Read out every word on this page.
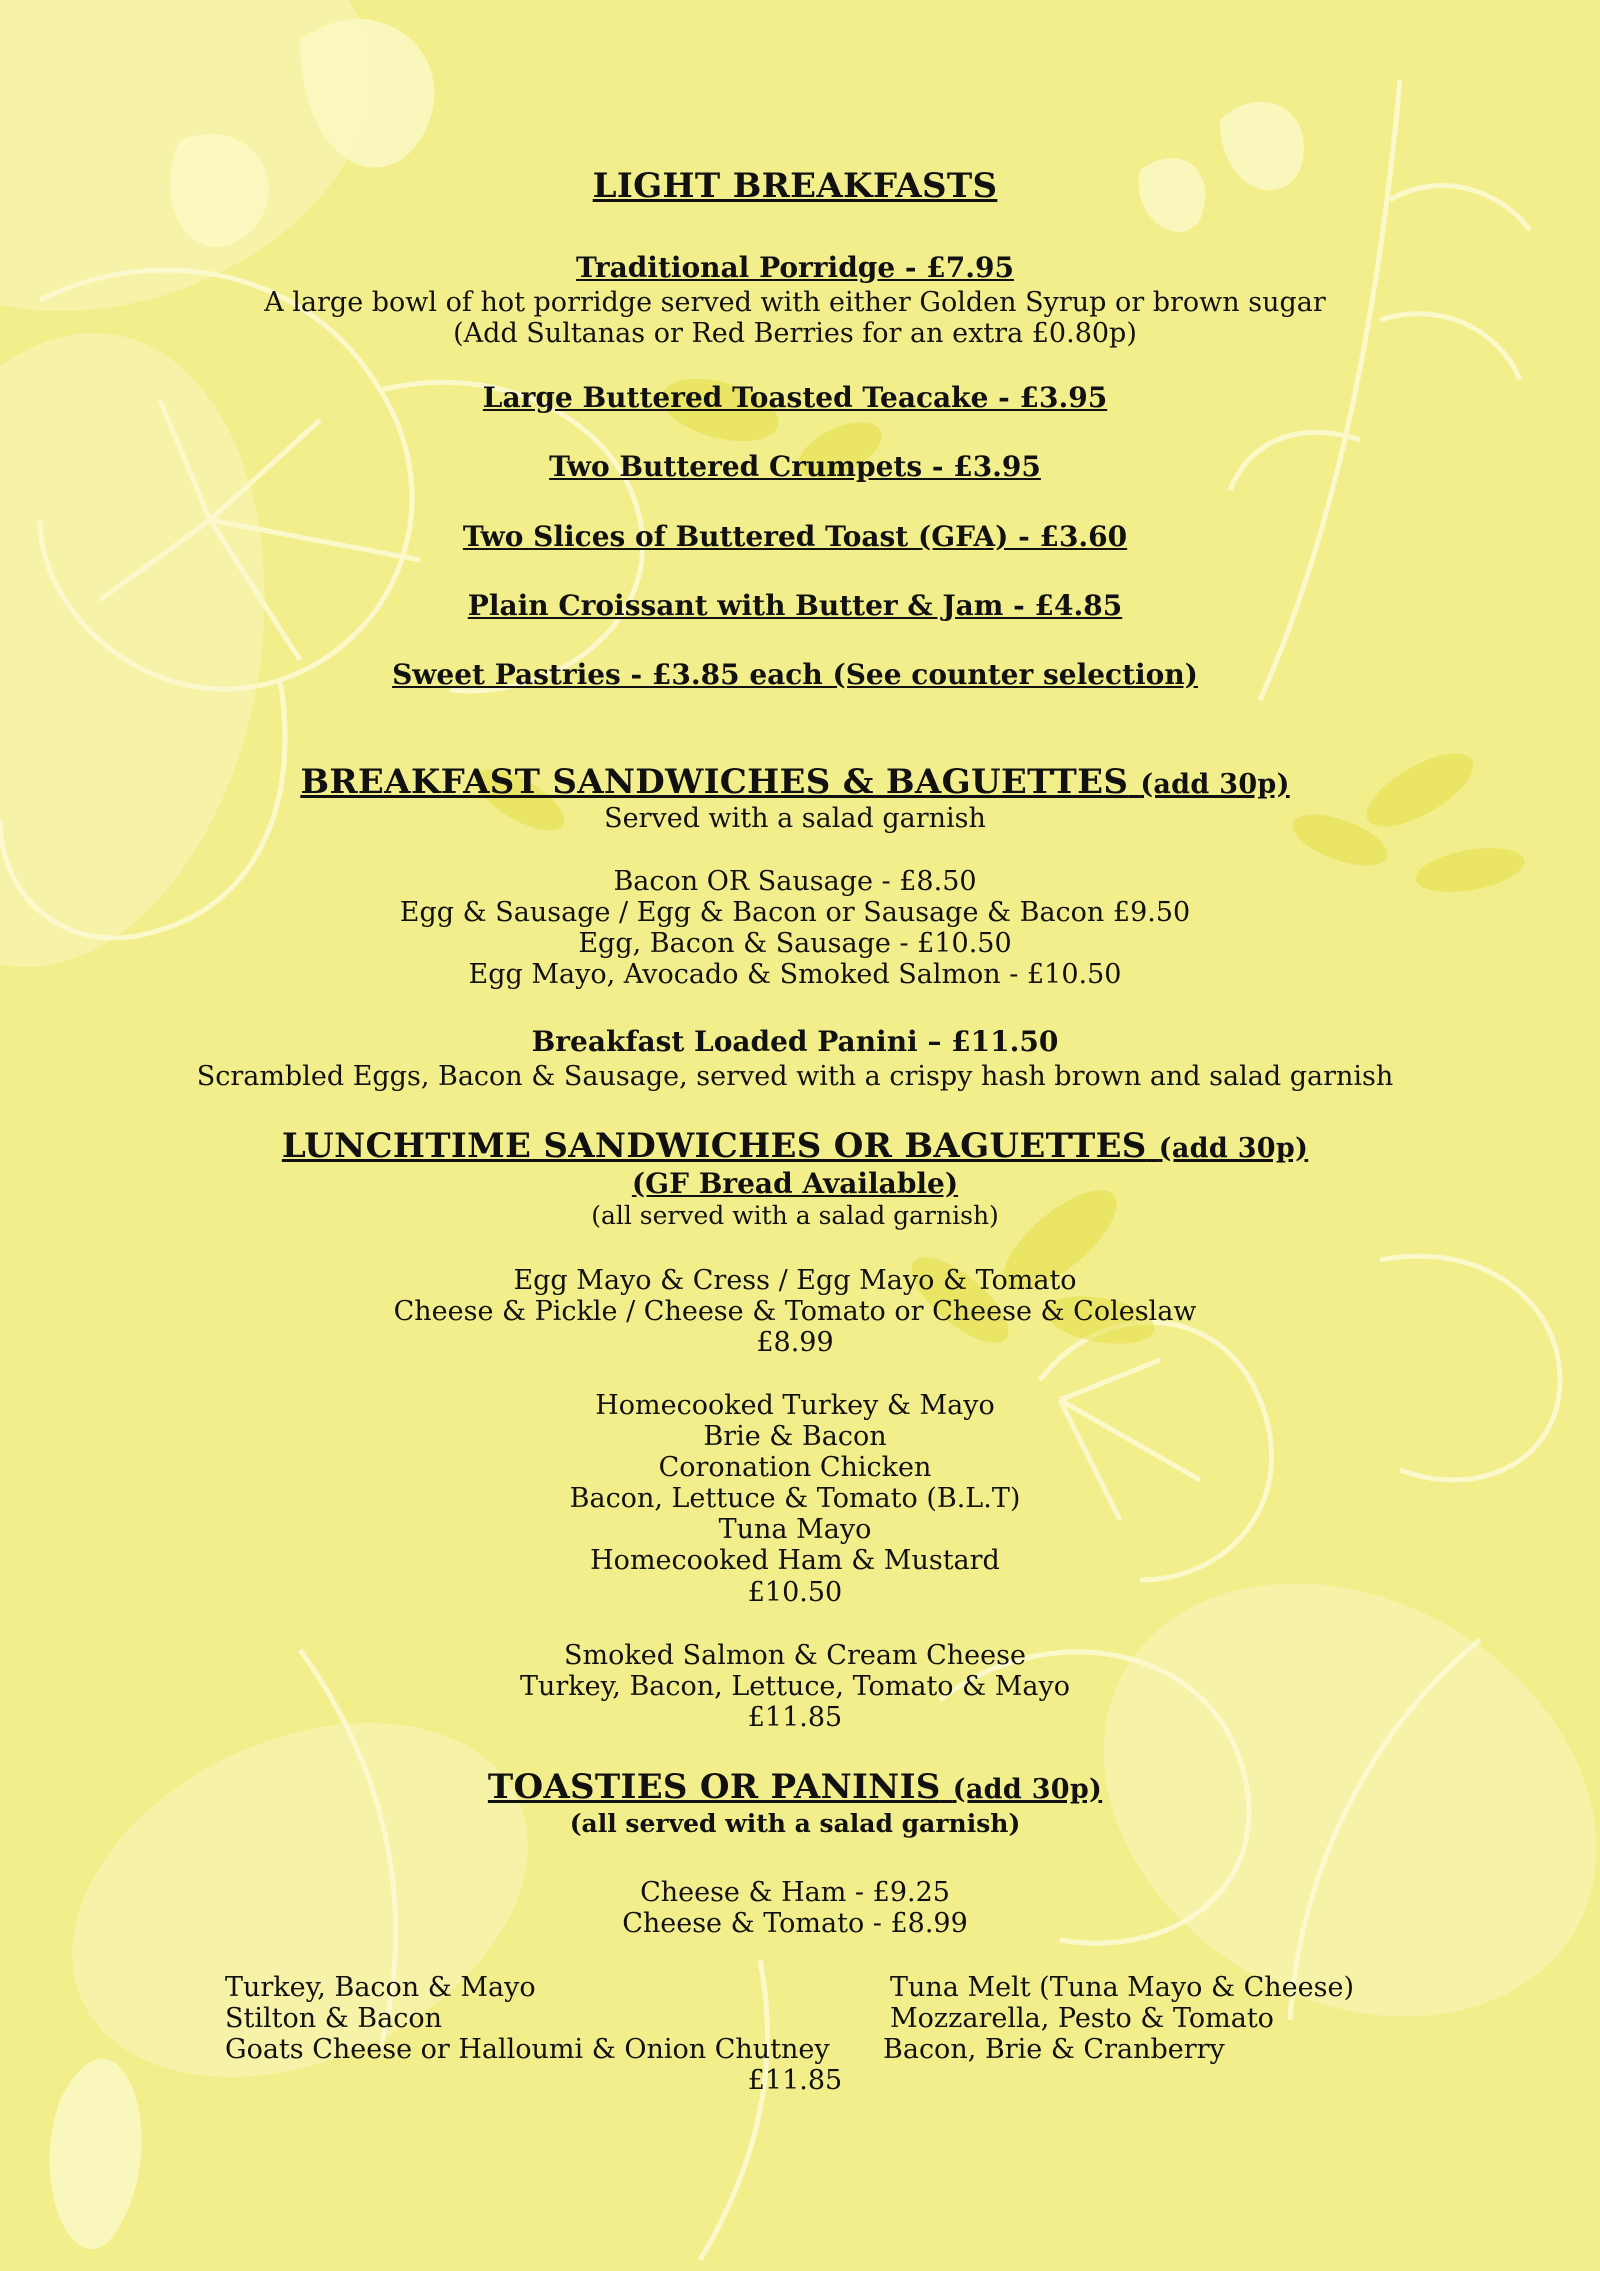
LIGHT BREAKFASTS
Traditional Porridge - £7.95
A large bowl of hot porridge served with either Golden Syrup or brown sugar
(Add Sultanas or Red Berries for an extra £0.80p)
Large Buttered Toasted Teacake - £3.95
Two Buttered Crumpets - £3.95
Two Slices of Buttered Toast (GFA) - £3.60
Plain Croissant with Butter & Jam - £4.85
Sweet Pastries - £3.85 each (See counter selection)
BREAKFAST SANDWICHES & BAGUETTES (add 30p)
Served with a salad garnish
Bacon OR Sausage - £8.50
Egg & Sausage / Egg & Bacon or Sausage & Bacon £9.50
Egg, Bacon & Sausage - £10.50
Egg Mayo, Avocado & Smoked Salmon - £10.50
Breakfast Loaded Panini – £11.50
Scrambled Eggs, Bacon & Sausage, served with a crispy hash brown and salad garnish
LUNCHTIME SANDWICHES OR BAGUETTES (add 30p)
(GF Bread Available)
(all served with a salad garnish)
Egg Mayo & Cress / Egg Mayo & Tomato
Cheese & Pickle / Cheese & Tomato or Cheese & Coleslaw
£8.99
Homecooked Turkey & Mayo
Brie & Bacon
Coronation Chicken
Bacon, Lettuce & Tomato (B.L.T)
Tuna Mayo
Homecooked Ham & Mustard
£10.50
Smoked Salmon & Cream Cheese
Turkey, Bacon, Lettuce, Tomato & Mayo
£11.85
TOASTIES OR PANINIS (add 30p)
(all served with a salad garnish)
Cheese & Ham - £9.25
Cheese & Tomato - £8.99
Turkey, Bacon & Mayo
Stilton & Bacon
Goats Cheese or Halloumi & Onion Chutney
Tuna Melt (Tuna Mayo & Cheese)
Mozzarella, Pesto & Tomato
Bacon, Brie & Cranberry
£11.85
